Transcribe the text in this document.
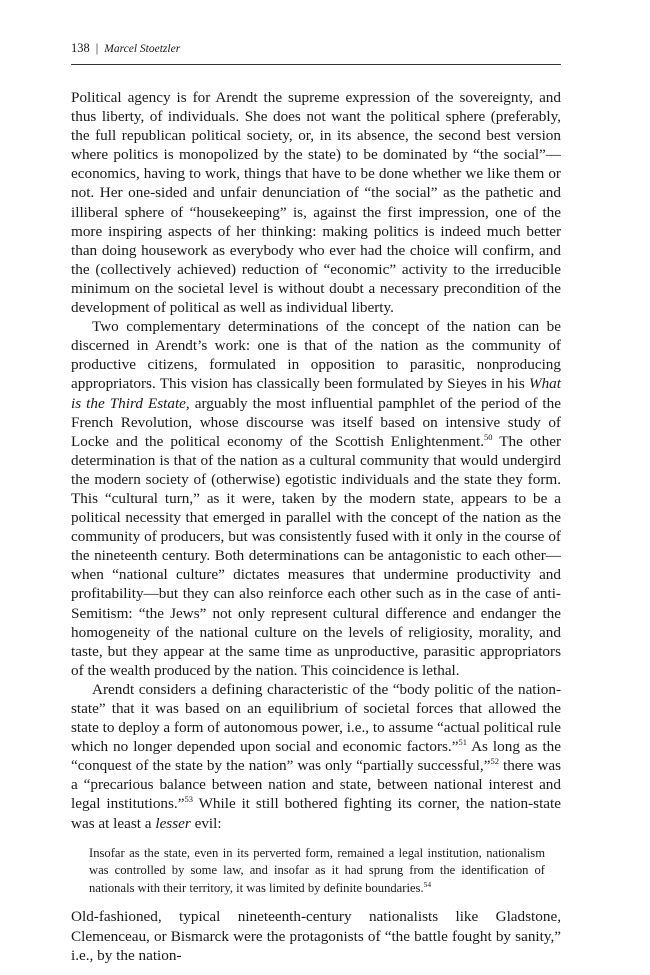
138 | Marcel Stoetzler

Political agency is for Arendt the supreme expression of the sovereignty, and thus liberty, of individuals. She does not want the political sphere (preferably, the full republican political society, or, in its absence, the second best version where politics is monopolized by the state) to be dominated by “the social”—economics, having to work, things that have to be done whether we like them or not. Her one-sided and unfair denunciation of “the social” as the pathetic and illiberal sphere of “housekeeping” is, against the first impression, one of the more inspiring aspects of her thinking: making politics is indeed much better than doing housework as everybody who ever had the choice will confirm, and the (collectively achieved) reduction of “economic” activity to the irreducible minimum on the societal level is without doubt a necessary precondition of the development of political as well as individual liberty.

Two complementary determinations of the concept of the nation can be discerned in Arendt’s work: one is that of the nation as the community of productive citizens, formulated in opposition to parasitic, nonproducing appropriators. This vision has classically been formulated by Sieyes in his What is the Third Estate, arguably the most influential pamphlet of the period of the French Revolution, whose discourse was itself based on intensive study of Locke and the political economy of the Scottish Enlightenment.$^{50}$ The other determination is that of the nation as a cultural community that would undergird the modern society of (otherwise) egotistic individuals and the state they form. This “cultural turn,” as it were, taken by the modern state, appears to be a political necessity that emerged in parallel with the concept of the nation as the community of producers, but was consistently fused with it only in the course of the nineteenth century. Both determinations can be antagonistic to each other—when “national culture” dictates measures that undermine productivity and profitability—but they can also reinforce each other such as in the case of anti-Semitism: “the Jews” not only represent cultural difference and endanger the homogeneity of the national culture on the levels of religiosity, morality, and taste, but they appear at the same time as unproductive, parasitic appropriators of the wealth produced by the nation. This coincidence is lethal.

Arendt considers a defining characteristic of the “body politic of the nation-state” that it was based on an equilibrium of societal forces that allowed the state to deploy a form of autonomous power, i.e., to assume “actual political rule which no longer depended upon social and economic factors.”$^{51}$ As long as the “conquest of the state by the nation” was only “partially successful,”$^{52}$ there was a “precarious balance between nation and state, between national interest and legal institutions.”$^{53}$ While it still bothered fighting its corner, the nation-state was at least a lesser evil:

Insofar as the state, even in its perverted form, remained a legal institution, nationalism was controlled by some law, and insofar as it had sprung from the identification of nationals with their territory, it was limited by definite boundaries.$^{54}$

Old-fashioned, typical nineteenth-century nationalists like Gladstone, Clemenceau, or Bismarck were the protagonists of “the battle fought by sanity,” i.e., by the nation-
